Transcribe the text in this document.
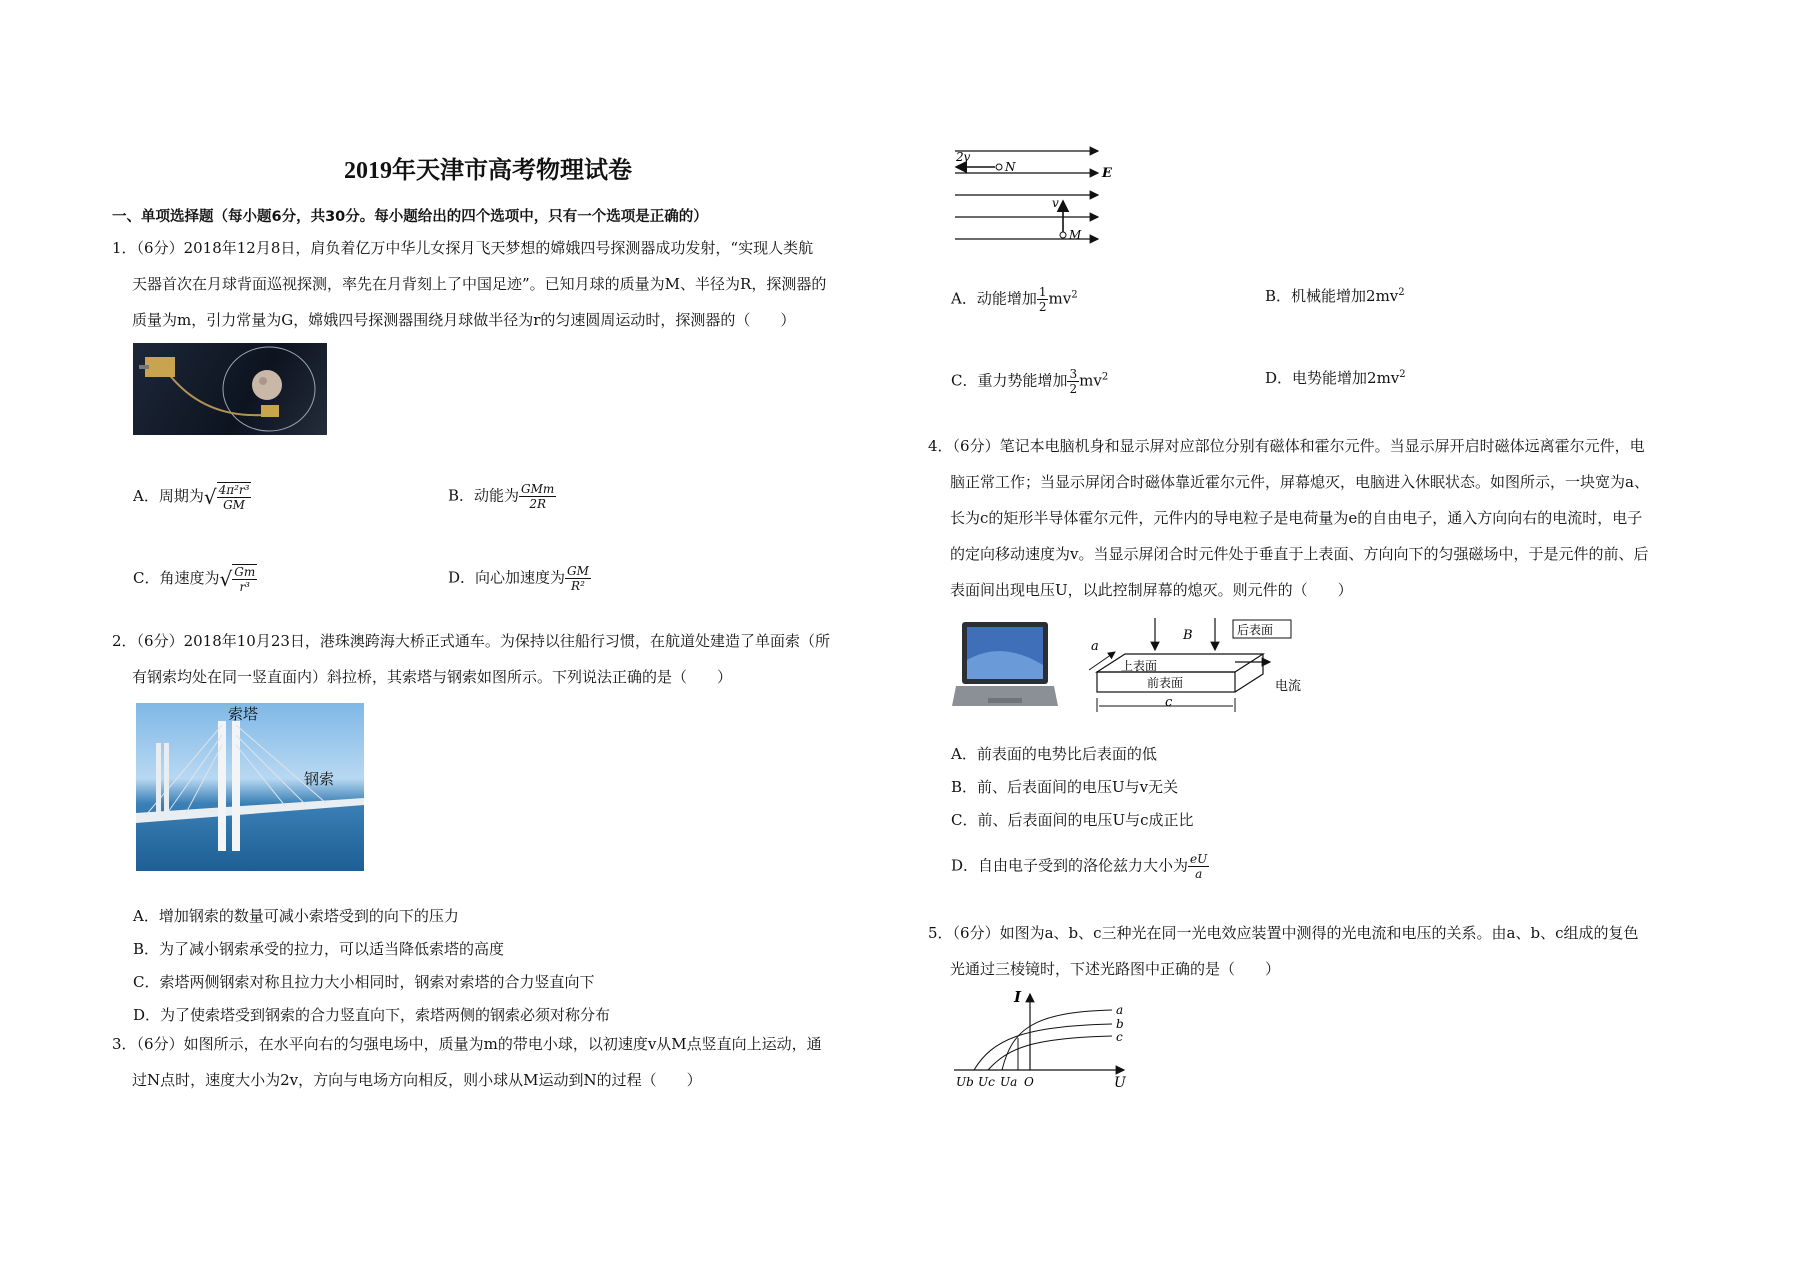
2019年天津市高考物理试卷
一、单项选择题（每小题6分，共30分。每小题给出的四个选项中，只有一个选项是正确的）
1．（6分）2018年12月8日，肩负着亿万中华儿女探月飞天梦想的嫦娥四号探测器成功发射，“实现人类航
天器首次在月球背面巡视探测，率先在月背刻上了中国足迹”。已知月球的质量为M、半径为R，探测器的
质量为m，引力常量为G，嫦娥四号探测器围绕月球做半径为r的匀速圆周运动时，探测器的（　　）
A．周期为√ $\frac{\text{4π²r³}}{GM}$	B．动能为 $\frac{\text{GMm}}{2R}$
C．角速度为√ $\frac{Gm}{\text{r³}}$	D．向心加速度为 $\frac{GM}{\text{R²}}$
2．（6分）2018年10月23日，港珠澳跨海大桥正式通车。为保持以往船行习惯，在航道处建造了单面索（所
有钢索均处在同一竖直面内）斜拉桥，其索塔与钢索如图所示。下列说法正确的是（　　）
索塔
钢索
A．增加钢索的数量可减小索塔受到的向下的压力
B．为了减小钢索承受的拉力，可以适当降低索塔的高度
C．索塔两侧钢索对称且拉力大小相同时，钢索对索塔的合力竖直向下
D．为了使索塔受到钢索的合力竖直向下，索塔两侧的钢索必须对称分布
3．（6分）如图所示，在水平向右的匀强电场中，质量为m的带电小球，以初速度v从M点竖直向上运动，通
过N点时，速度大小为2v，方向与电场方向相反，则小球从M运动到N的过程（　　）
2v
N	E
v
M
A．动能增加 $\frac{1}{2} mv^2$	B．机械能增加$2mv^2$
C．重力势能增加 $\frac{3}{2} mv^2$	D．电势能增加$2mv^2$
4．（6分）笔记本电脑机身和显示屏对应部位分别有磁体和霍尔元件。当显示屏开启时磁体远离霍尔元件，电
脑正常工作；当显示屏闭合时磁体靠近霍尔元件，屏幕熄灭，电脑进入休眠状态。如图所示，一块宽为a、
长为c的矩形半导体霍尔元件，元件内的导电粒子是电荷量为e的自由电子，通入方向向右的电流时，电子
的定向移动速度为v。当显示屏闭合时元件处于垂直于上表面、方向向下的匀强磁场中，于是元件的前、后
表面间出现电压U，以此控制屏幕的熄灭。则元件的（　　）
a
B	后表面
上表面
前表面
c
电流
A．前表面的电势比后表面的低
B．前、后表面间的电压U与v无关
C．前、后表面间的电压U与c成正比
D．自由电子受到的洛伦兹力大小为 $\frac{eU}{a}$
5．（6分）如图为a、b、c三种光在同一光电效应装置中测得的光电流和电压的关系。由a、b、c组成的复色
光通过三棱镜时，下述光路图中正确的是（　　）
I
U
a
b
c
Ub Uc Ua O
